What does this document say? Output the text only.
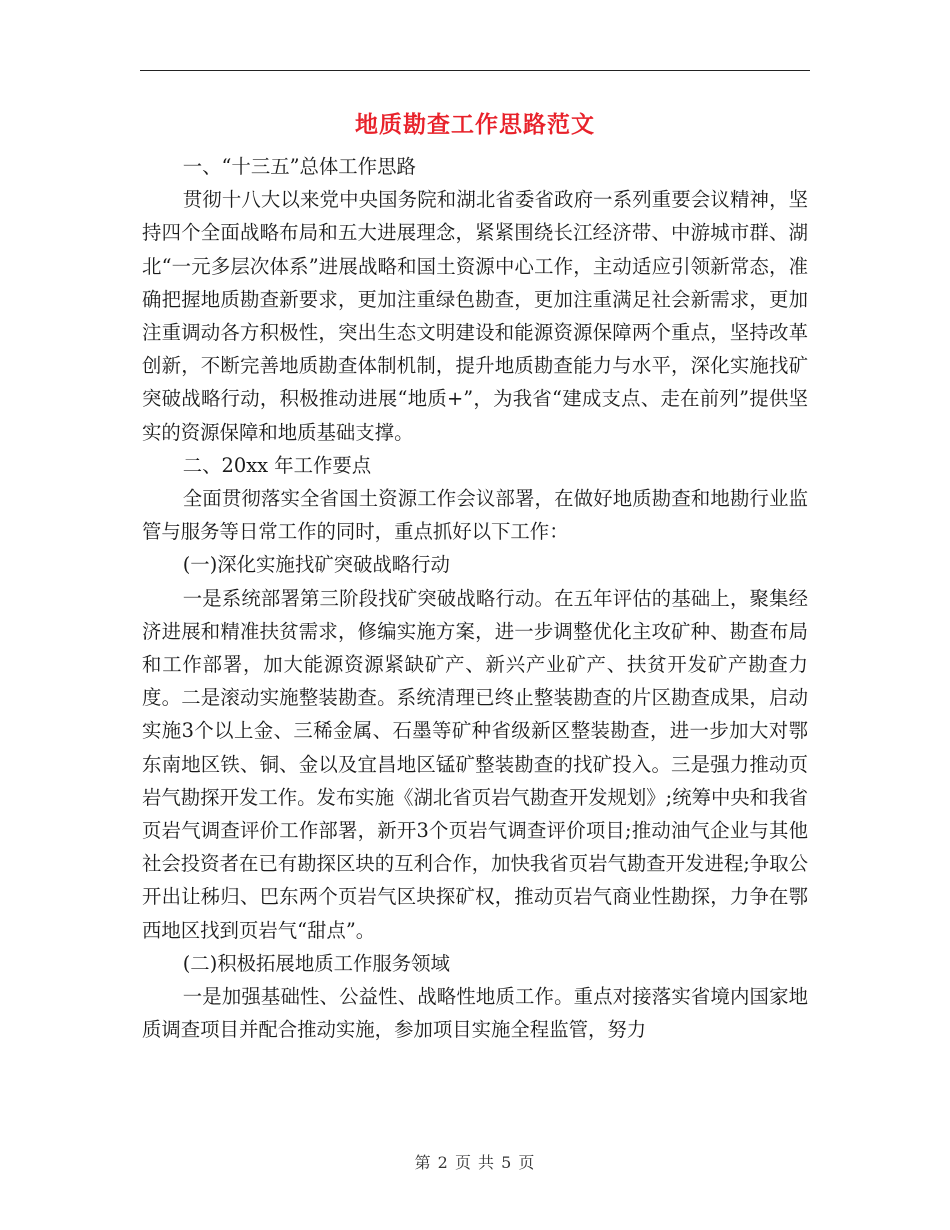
地质勘查工作思路范文

一、“十三五”总体工作思路

贯彻十八大以来党中央国务院和湖北省委省政府一系列重要会议精神，坚持四个全面战略布局和五大进展理念，紧紧围绕长江经济带、中游城市群、湖北“一元多层次体系”进展战略和国土资源中心工作，主动适应引领新常态，准确把握地质勘查新要求，更加注重绿色勘查，更加注重满足社会新需求，更加注重调动各方积极性，突出生态文明建设和能源资源保障两个重点，坚持改革创新，不断完善地质勘查体制机制，提升地质勘查能力与水平，深化实施找矿突破战略行动，积极推动进展“地质+”，为我省“建成支点、走在前列”提供坚实的资源保障和地质基础支撑。

二、20xx 年工作要点

全面贯彻落实全省国土资源工作会议部署，在做好地质勘查和地勘行业监管与服务等日常工作的同时，重点抓好以下工作：

(一)深化实施找矿突破战略行动

一是系统部署第三阶段找矿突破战略行动。在五年评估的基础上，聚集经济进展和精准扶贫需求，修编实施方案，进一步调整优化主攻矿种、勘查布局和工作部署，加大能源资源紧缺矿产、新兴产业矿产、扶贫开发矿产勘查力度。二是滚动实施整装勘查。系统清理已终止整装勘查的片区勘查成果，启动实施3个以上金、三稀金属、石墨等矿种省级新区整装勘查，进一步加大对鄂东南地区铁、铜、金以及宜昌地区锰矿整装勘查的找矿投入。三是强力推动页岩气勘探开发工作。发布实施《湖北省页岩气勘查开发规划》;统筹中央和我省页岩气调查评价工作部署，新开3个页岩气调查评价项目;推动油气企业与其他社会投资者在已有勘探区块的互利合作，加快我省页岩气勘查开发进程;争取公开出让秭归、巴东两个页岩气区块探矿权，推动页岩气商业性勘探，力争在鄂西地区找到页岩气“甜点”。

(二)积极拓展地质工作服务领域

一是加强基础性、公益性、战略性地质工作。重点对接落实省境内国家地质调查项目并配合推动实施，参加项目实施全程监管，努力

第 2 页 共 5 页
